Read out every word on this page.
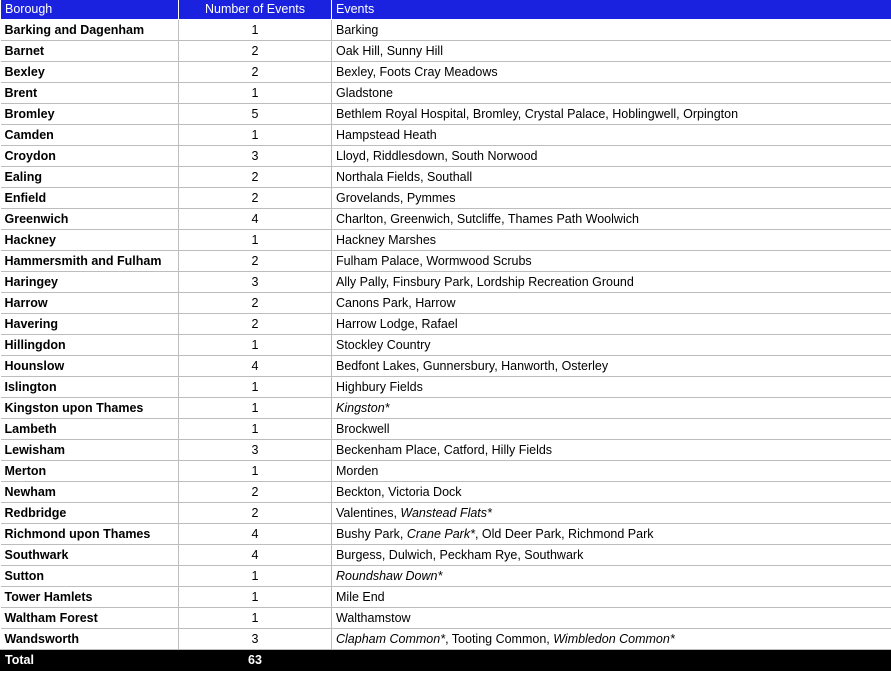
Borough	Number of Events	Events
Barking and Dagenham	1	Barking
Barnet	2	Oak Hill, Sunny Hill
Bexley	2	Bexley, Foots Cray Meadows
Brent	1	Gladstone
Bromley	5	Bethlem Royal Hospital, Bromley, Crystal Palace, Hoblingwell, Orpington
Camden	1	Hampstead Heath
Croydon	3	Lloyd, Riddlesdown, South Norwood
Ealing	2	Northala Fields, Southall
Enfield	2	Grovelands, Pymmes
Greenwich	4	Charlton, Greenwich, Sutcliffe, Thames Path Woolwich
Hackney	1	Hackney Marshes
Hammersmith and Fulham	2	Fulham Palace, Wormwood Scrubs
Haringey	3	Ally Pally, Finsbury Park, Lordship Recreation Ground
Harrow	2	Canons Park, Harrow
Havering	2	Harrow Lodge, Rafael
Hillingdon	1	Stockley Country
Hounslow	4	Bedfont Lakes, Gunnersbury, Hanworth, Osterley
Islington	1	Highbury Fields
Kingston upon Thames	1	Kingston*
Lambeth	1	Brockwell
Lewisham	3	Beckenham Place, Catford, Hilly Fields
Merton	1	Morden
Newham	2	Beckton, Victoria Dock
Redbridge	2	Valentines, Wanstead Flats*
Richmond upon Thames	4	Bushy Park, Crane Park*, Old Deer Park, Richmond Park
Southwark	4	Burgess, Dulwich, Peckham Rye, Southwark
Sutton	1	Roundshaw Down*
Tower Hamlets	1	Mile End
Waltham Forest	1	Walthamstow
Wandsworth	3	Clapham Common*, Tooting Common, Wimbledon Common*
Total	63	
